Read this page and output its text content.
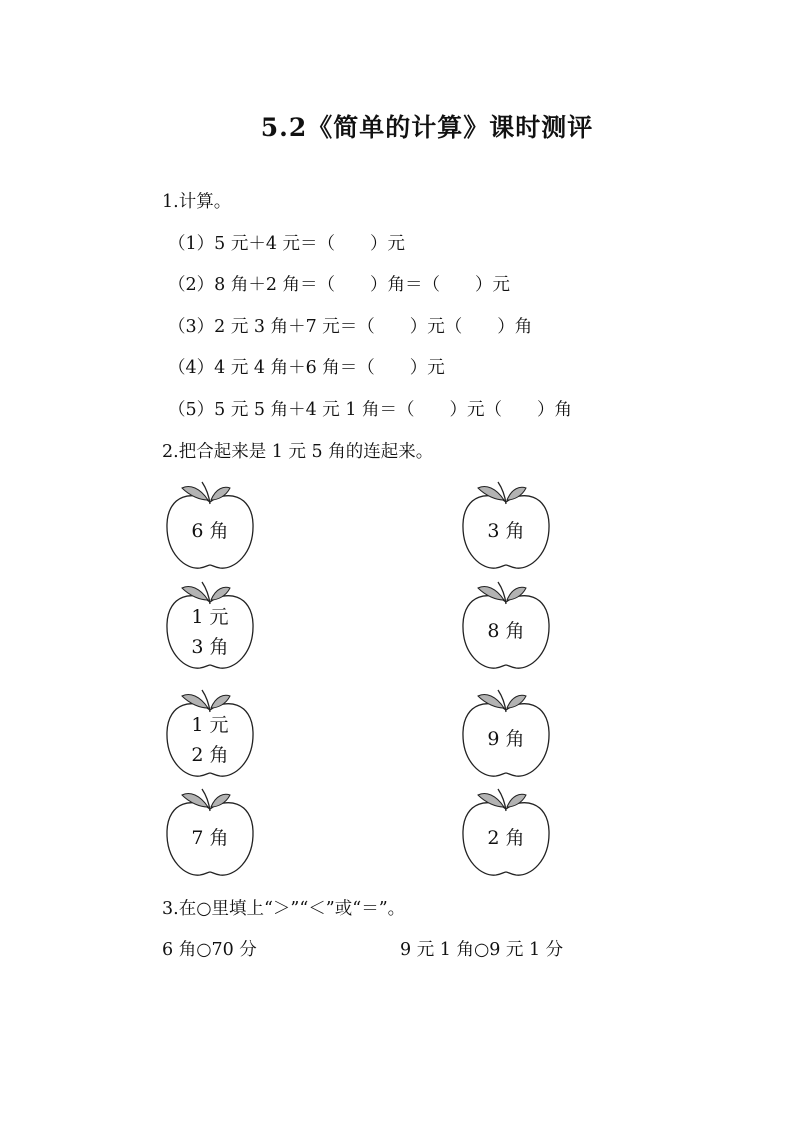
5.2《简单的计算》课时测评
1.计算。
（1）5 元＋4 元＝（　　）元
（2）8 角＋2 角＝（　　）角＝（　　）元
（3）2 元 3 角＋7 元＝（　　）元（　　）角
（4）4 元 4 角＋6 角＝（　　）元
（5）5 元 5 角＋4 元 1 角＝（　　）元（　　）角
2.把合起来是 1 元 5 角的连起来。
6 角
1 元
3 角
1 元
2 角
7 角
3 角
8 角
9 角
2 角
3.在○里填上“＞”“＜”或“＝”。
6 角○70 分	9 元 1 角○9 元 1 分
